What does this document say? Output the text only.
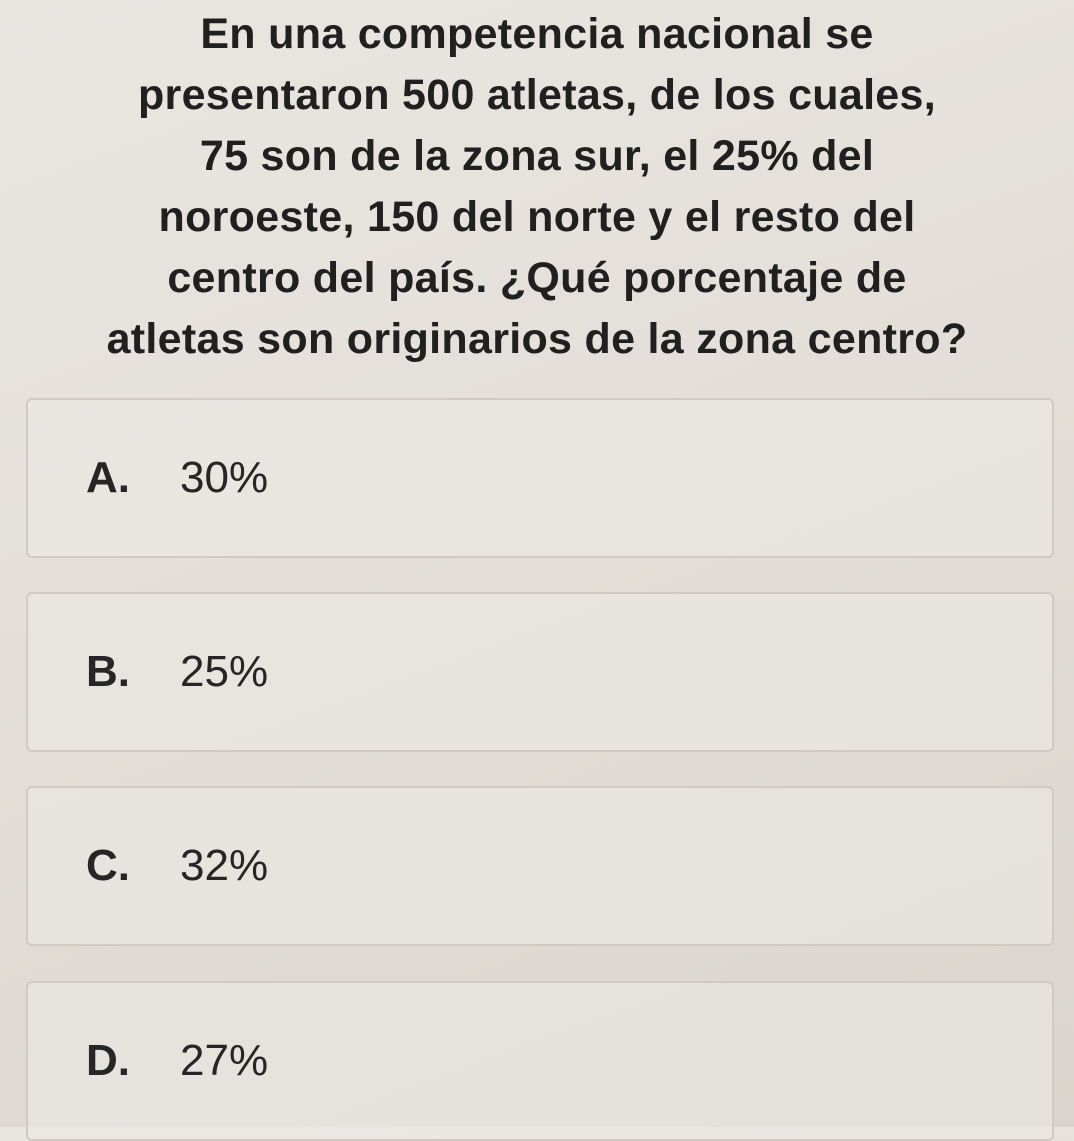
En una competencia nacional se
presentaron 500 atletas, de los cuales,
75 son de la zona sur, el 25% del
noroeste, 150 del norte y el resto del
centro del país. ¿Qué porcentaje de
atletas son originarios de la zona centro?
A. 30%
B. 25%
C. 32%
D. 27%
